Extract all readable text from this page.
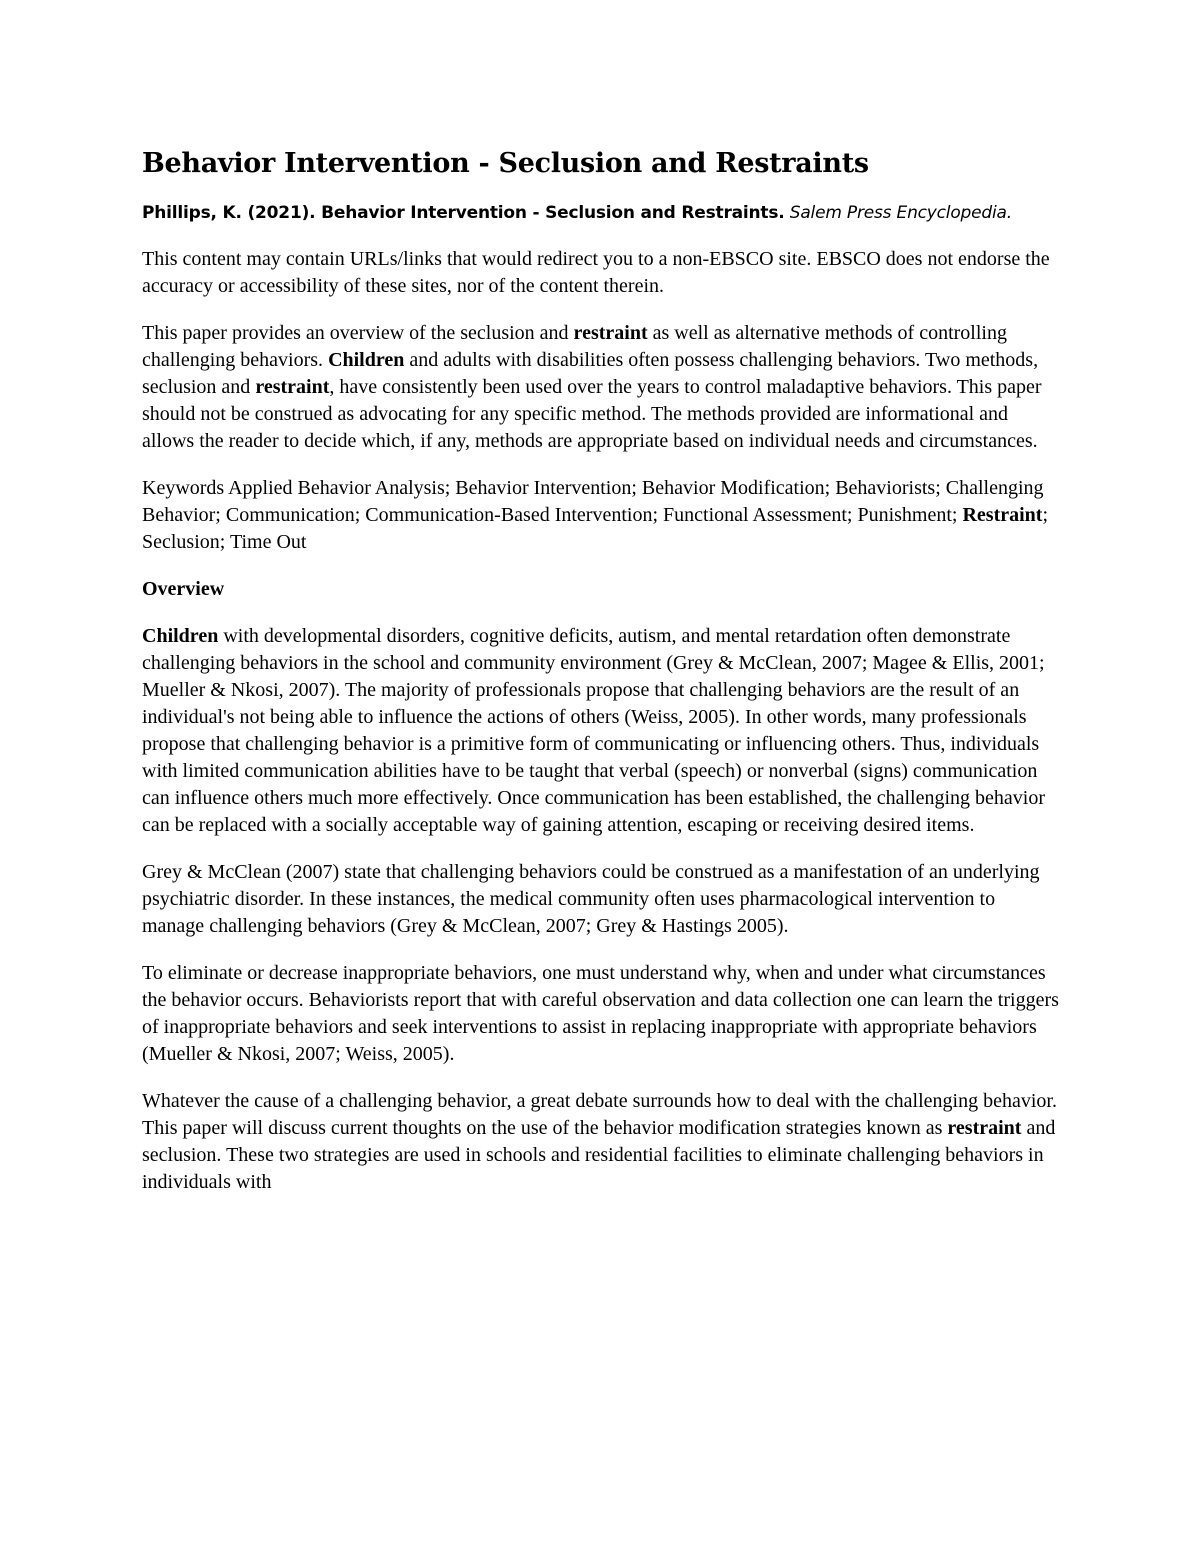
Behavior Intervention - Seclusion and Restraints

Phillips, K. (2021). Behavior Intervention - Seclusion and Restraints. Salem Press Encyclopedia.

This content may contain URLs/links that would redirect you to a non-EBSCO site. EBSCO does not endorse the accuracy or accessibility of these sites, nor of the content therein.

This paper provides an overview of the seclusion and restraint as well as alternative methods of controlling challenging behaviors. Children and adults with disabilities often possess challenging behaviors. Two methods, seclusion and restraint, have consistently been used over the years to control maladaptive behaviors. This paper should not be construed as advocating for any specific method. The methods provided are informational and allows the reader to decide which, if any, methods are appropriate based on individual needs and circumstances.

Keywords Applied Behavior Analysis; Behavior Intervention; Behavior Modification; Behaviorists; Challenging Behavior; Communication; Communication-Based Intervention; Functional Assessment; Punishment; Restraint; Seclusion; Time Out

Overview

Children with developmental disorders, cognitive deficits, autism, and mental retardation often demonstrate challenging behaviors in the school and community environment (Grey & McClean, 2007; Magee & Ellis, 2001; Mueller & Nkosi, 2007). The majority of professionals propose that challenging behaviors are the result of an individual's not being able to influence the actions of others (Weiss, 2005). In other words, many professionals propose that challenging behavior is a primitive form of communicating or influencing others. Thus, individuals with limited communication abilities have to be taught that verbal (speech) or nonverbal (signs) communication can influence others much more effectively. Once communication has been established, the challenging behavior can be replaced with a socially acceptable way of gaining attention, escaping or receiving desired items.

Grey & McClean (2007) state that challenging behaviors could be construed as a manifestation of an underlying psychiatric disorder. In these instances, the medical community often uses pharmacological intervention to manage challenging behaviors (Grey & McClean, 2007; Grey & Hastings 2005).

To eliminate or decrease inappropriate behaviors, one must understand why, when and under what circumstances the behavior occurs. Behaviorists report that with careful observation and data collection one can learn the triggers of inappropriate behaviors and seek interventions to assist in replacing inappropriate with appropriate behaviors (Mueller & Nkosi, 2007; Weiss, 2005).

Whatever the cause of a challenging behavior, a great debate surrounds how to deal with the challenging behavior. This paper will discuss current thoughts on the use of the behavior modification strategies known as restraint and seclusion. These two strategies are used in schools and residential facilities to eliminate challenging behaviors in individuals with
